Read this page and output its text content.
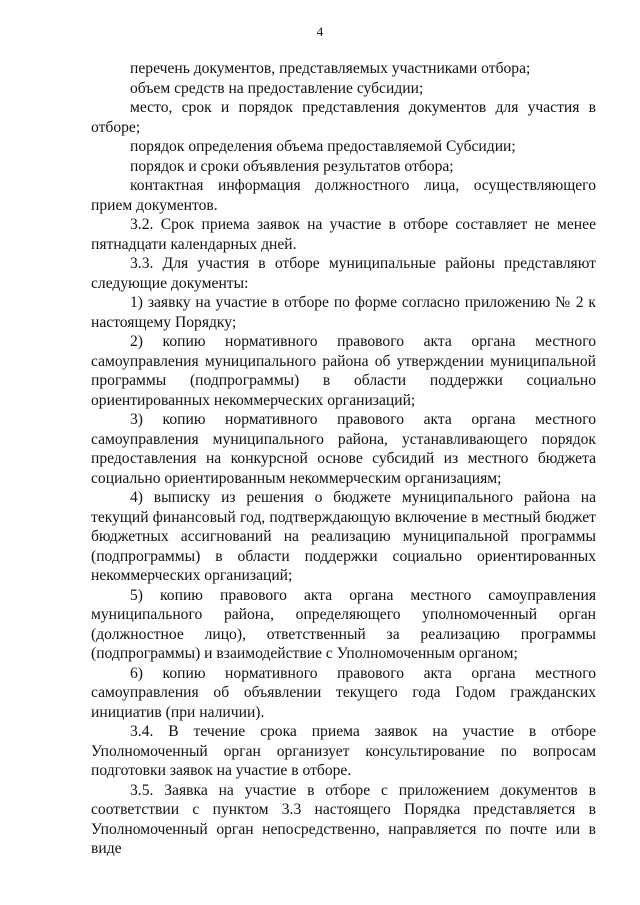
4

перечень документов, представляемых участниками отбора;

объем средств на предоставление субсидии;

место, срок и порядок представления документов для участия в отборе;

порядок определения объема предоставляемой Субсидии;

порядок и сроки объявления результатов отбора;

контактная информация должностного лица, осуществляющего прием документов.

3.2. Срок приема заявок на участие в отборе составляет не менее пятнадцати календарных дней.

3.3. Для участия в отборе муниципальные районы представляют следующие документы:

1) заявку на участие в отборе по форме согласно приложению № 2 к настоящему Порядку;

2) копию нормативного правового акта органа местного самоуправления муниципального района об утверждении муниципальной программы (подпрограммы) в области поддержки социально ориентированных некоммерческих организаций;

3) копию нормативного правового акта органа местного самоуправления муниципального района, устанавливающего порядок предоставления на конкурсной основе субсидий из местного бюджета социально ориентированным некоммерческим организациям;

4) выписку из решения о бюджете муниципального района на текущий финансовый год, подтверждающую включение в местный бюджет бюджетных ассигнований на реализацию муниципальной программы (подпрограммы) в области поддержки социально ориентированных некоммерческих организаций;

5) копию правового акта органа местного самоуправления муниципального района, определяющего уполномоченный орган (должностное лицо), ответственный за реализацию программы (подпрограммы) и взаимодействие с Уполномоченным органом;

6) копию нормативного правового акта органа местного самоуправления об объявлении текущего года Годом гражданских инициатив (при наличии).

3.4. В течение срока приема заявок на участие в отборе Уполномоченный орган организует консультирование по вопросам подготовки заявок на участие в отборе.

3.5. Заявка на участие в отборе с приложением документов в соответствии с пунктом 3.3 настоящего Порядка представляется в Уполномоченный орган непосредственно, направляется по почте или в виде
